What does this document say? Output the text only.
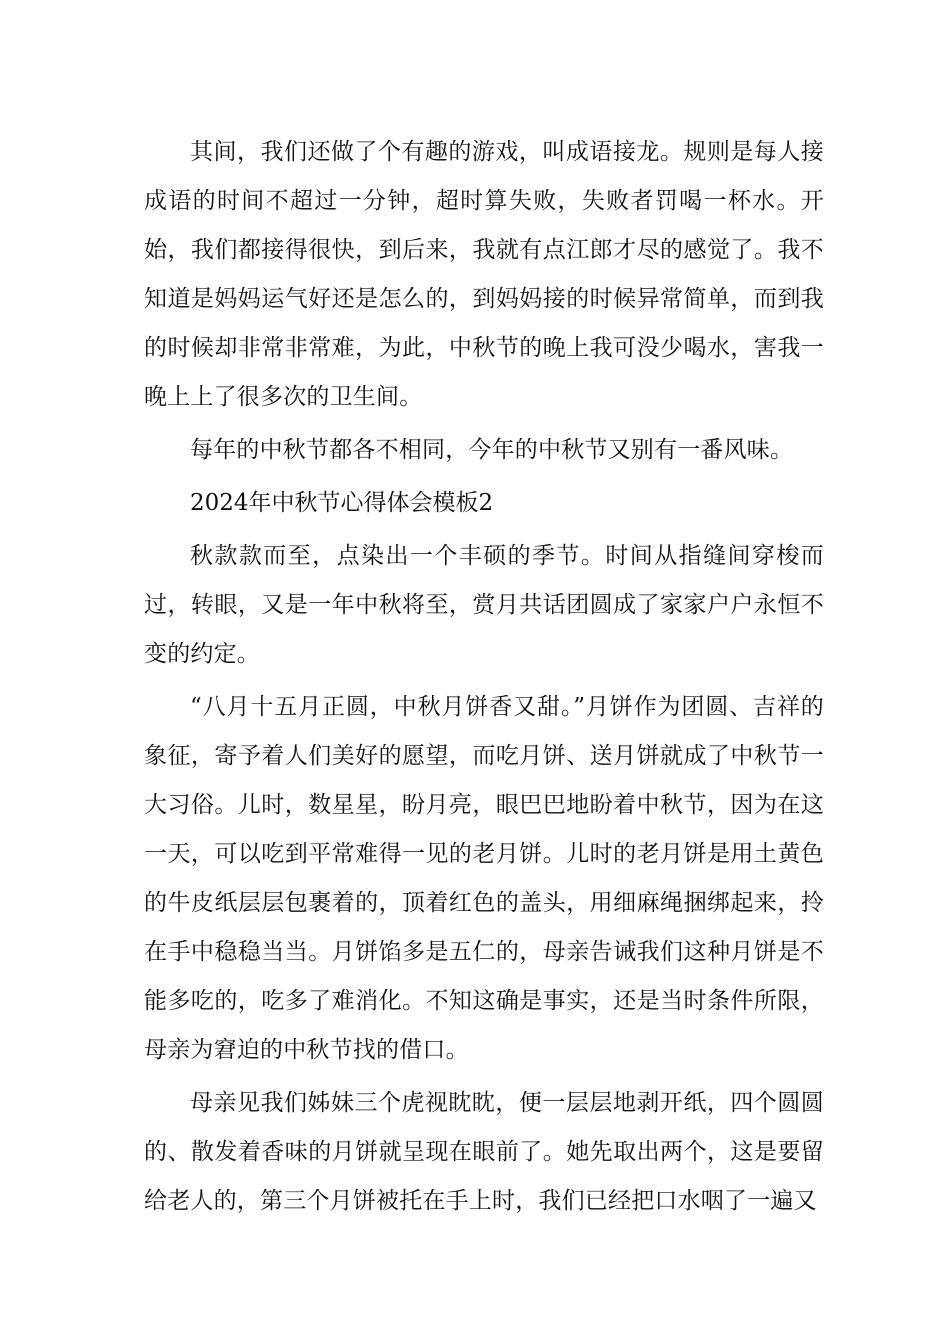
其间，我们还做了个有趣的游戏，叫成语接龙。规则是每人接成语的时间不超过一分钟，超时算失败，失败者罚喝一杯水。开始，我们都接得很快，到后来，我就有点江郎才尽的感觉了。我不知道是妈妈运气好还是怎么的，到妈妈接的时候异常简单，而到我的时候却非常非常难，为此，中秋节的晚上我可没少喝水，害我一晚上上了很多次的卫生间。

每年的中秋节都各不相同，今年的中秋节又别有一番风味。

2024年中秋节心得体会模板2

秋款款而至，点染出一个丰硕的季节。时间从指缝间穿梭而过，转眼，又是一年中秋将至，赏月共话团圆成了家家户户永恒不变的约定。

“八月十五月正圆，中秋月饼香又甜。”月饼作为团圆、吉祥的象征，寄予着人们美好的愿望，而吃月饼、送月饼就成了中秋节一大习俗。儿时，数星星，盼月亮，眼巴巴地盼着中秋节，因为在这一天，可以吃到平常难得一见的老月饼。儿时的老月饼是用土黄色的牛皮纸层层包裹着的，顶着红色的盖头，用细麻绳捆绑起来，拎在手中稳稳当当。月饼馅多是五仁的，母亲告诫我们这种月饼是不能多吃的，吃多了难消化。不知这确是事实，还是当时条件所限，母亲为窘迫的中秋节找的借口。

母亲见我们姊妹三个虎视眈眈，便一层层地剥开纸，四个圆圆的、散发着香味的月饼就呈现在眼前了。她先取出两个，这是要留给老人的，第三个月饼被托在手上时，我们已经把口水咽了一遍又
